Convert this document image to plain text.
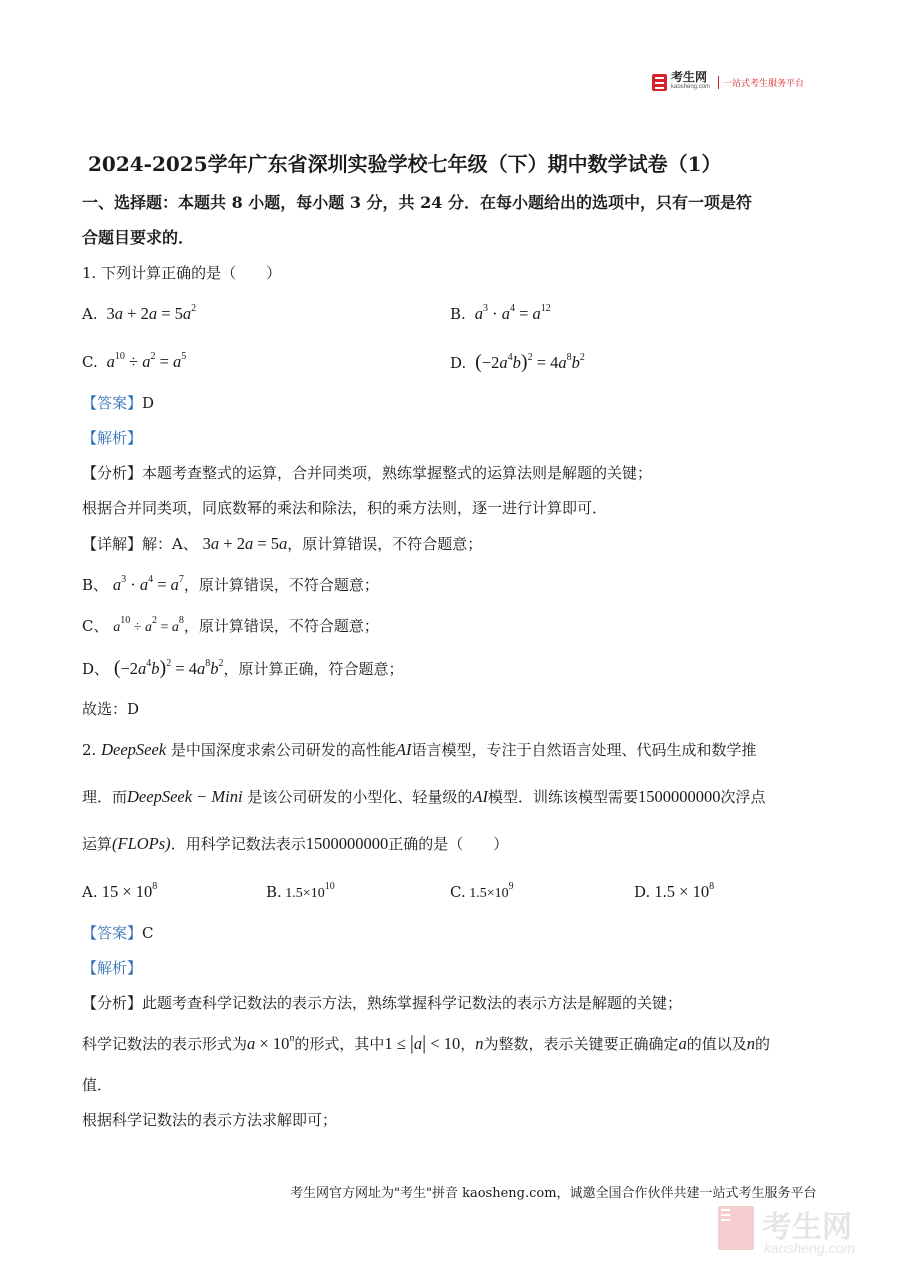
考生网
kaosheng.com	一站式考生服务平台
2024-2025学年广东省深圳实验学校七年级（下）期中数学试卷（1）
一、选择题：本题共 8 小题，每小题 3 分，共 24 分．在每小题给出的选项中，只有一项是符
合题目要求的．
1. 下列计算正确的是（　　）
A.  $3a + 2a = 5a^2$	B. $a^3 \cdot a^4 = a^{12}$
C. $a^{10} \div a^2 = a^5$	D. $(-2a^4b)^2 = 4a^8b^2$
【答案】D
【解析】
【分析】本题考查整式的运算，合并同类项，熟练掌握整式的运算法则是解题的关键；
根据合并同类项，同底数幂的乘法和除法，积的乘方法则，逐一进行计算即可．
【详解】解：A、 3a + 2a = 5a，原计算错误，不符合题意；
B、 $a^3 \cdot a^4 = a^7$，原计算错误，不符合题意；
C、 $a^{10} \div a^2 = a^8$，原计算错误，不符合题意；
D、 $(-2a^4b)^2 = 4a^8b^2$，原计算正确，符合题意；
故选：D
2. DeepSeek 是中国深度求索公司研发的高性能AI语言模型，专注于自然语言处理、代码生成和数学推
理．而DeepSeek − Mini 是该公司研发的小型化、轻量级的AI模型．训练该模型需要1500000000次浮点
运算(FLOPs)．用科学记数法表示1500000000正确的是（　　）
A. $15 \times 10^8$	B. $1.5\times 10^{10}$	C. $1.5\times 10^9$	D. $1.5 \times 10^8$
【答案】C
【解析】
【分析】此题考查科学记数法的表示方法，熟练掌握科学记数法的表示方法是解题的关键；
科学记数法的表示形式为$a \times 10^n$的形式，其中1 ≤ |a| < 10，n为整数，表示关键要正确确定a的值以及n的
值．
根据科学记数法的表示方法求解即可；
考生网官方网址为"考生"拼音 kaosheng.com，诚邀全国合作伙伴共建一站式考生服务平台
考生网
kaosheng.com
